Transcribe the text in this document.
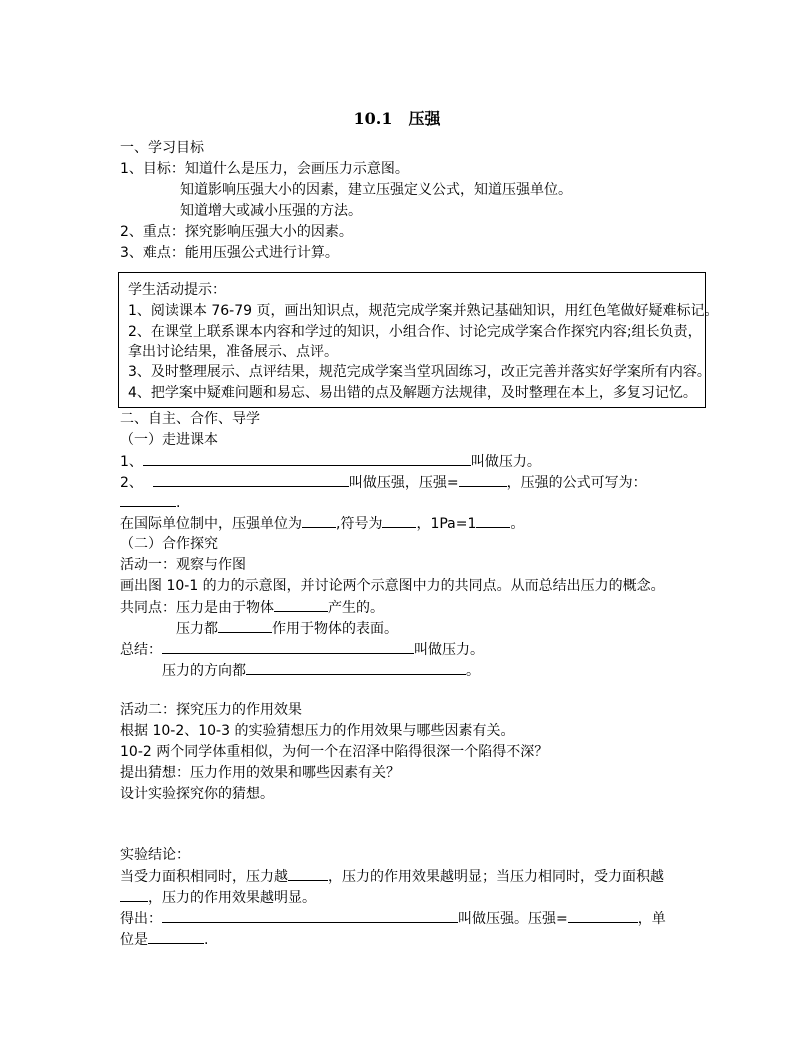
10.1　压强
一、学习目标
1、目标：知道什么是压力，会画压力示意图。
知道影响压强大小的因素，建立压强定义公式，知道压强单位。
知道增大或减小压强的方法。
2、重点：探究影响压强大小的因素。
3、难点：能用压强公式进行计算。
学生活动提示：
1、阅读课本 76-79 页，画出知识点，规范完成学案并熟记基础知识，用红色笔做好疑难标记。
2、在课堂上联系课本内容和学过的知识，小组合作、讨论完成学案合作探究内容;组长负责，
拿出讨论结果，准备展示、点评。
3、及时整理展示、点评结果，规范完成学案当堂巩固练习，改正完善并落实好学案所有内容。
4、把学案中疑难问题和易忘、易出错的点及解题方法规律，及时整理在本上，多复习记忆。
二、自主、合作、导学
（一）走进课本
1、	叫做压力。
2、	叫做压强，压强=	，压强的公式可写为：
.
在国际单位制中，压强单位为 ,符号为 ，1Pa=1 。
（二）合作探究
活动一：观察与作图
画出图 10-1 的力的示意图，并讨论两个示意图中力的共同点。从而总结出压力的概念。
共同点：压力是由于物体	产生的。
压力都	作用于物体的表面。
总结：	叫做压力。
压力的方向都	。
活动二：探究压力的作用效果
根据 10-2、10-3 的实验猜想压力的作用效果与哪些因素有关。
10-2 两个同学体重相似，为何一个在沼泽中陷得很深一个陷得不深？
提出猜想：压力作用的效果和哪些因素有关？
设计实验探究你的猜想。
实验结论：
当受力面积相同时，压力越	，压力的作用效果越明显；当压力相同时，受力面积越
，压力的作用效果越明显。
得出：	叫做压强。压强=	，单
位是	.
